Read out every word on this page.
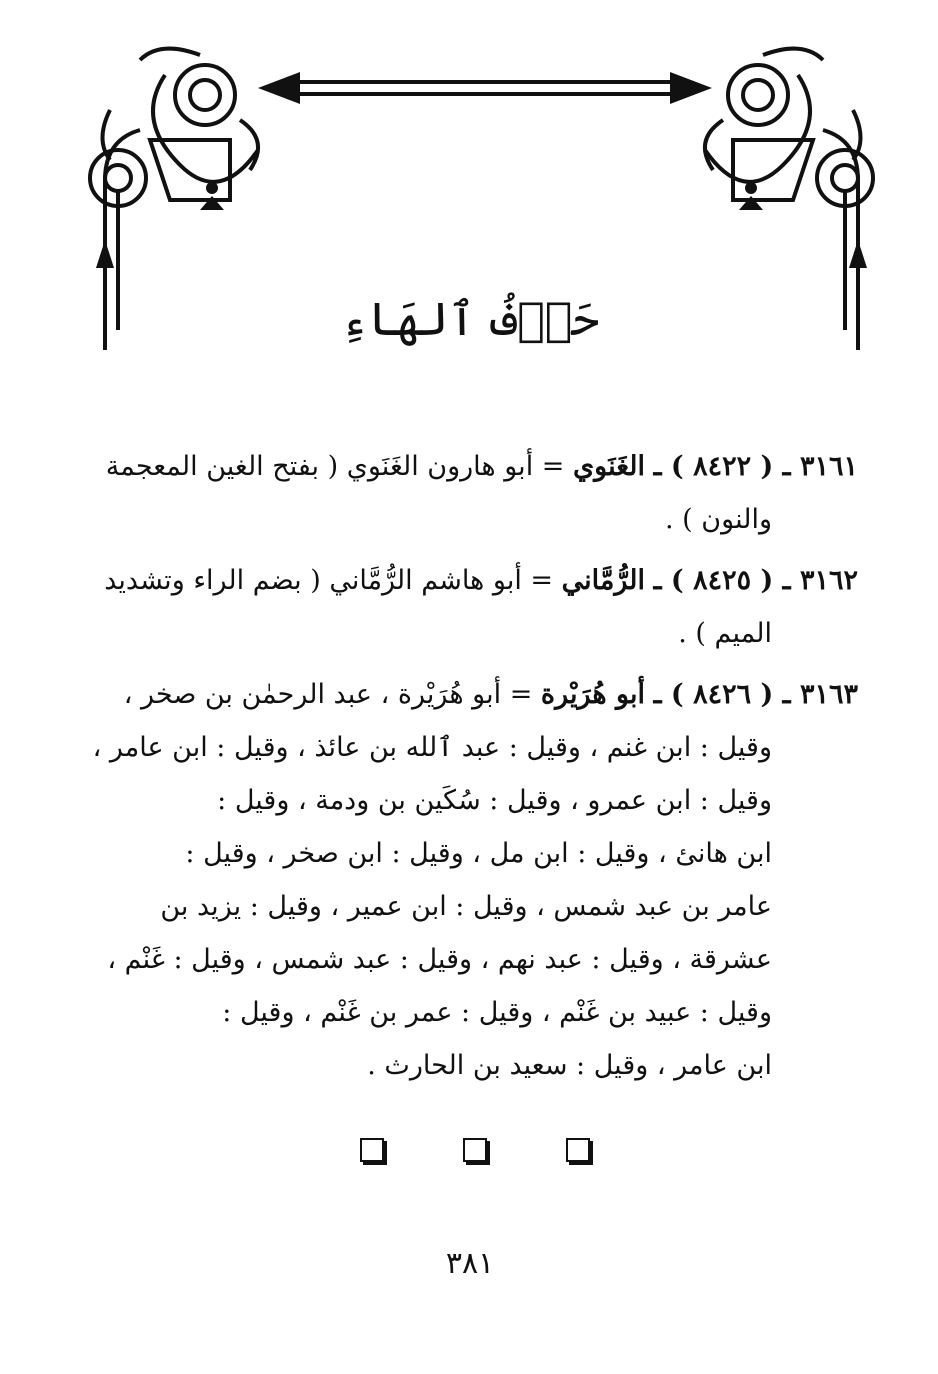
حَرۡفُ ٱلهَاءِ
٣١٦١ ـ ( ٨٤٢٢ ) ـ الغَنَوي = أبو هارون الغَنَوي ( بفتح الغين المعجمة
والنون ) .
٣١٦٢ ـ ( ٨٤٢٥ ) ـ الرُّمَّاني = أبو هاشم الرُّمَّاني ( بضم الراء وتشديد
الميم ) .
٣١٦٣ ـ ( ٨٤٢٦ ) ـ أبو هُرَيْرة = أبو هُرَيْرة ، عبد الرحمٰن بن صخر ،
وقيل : ابن غنم ، وقيل : عبد ٱلله بن عائذ ، وقيل : ابن عامر ،
وقيل : ابن عمرو ، وقيل : سُكَين بن ودمة ، وقيل :
ابن هانئ ، وقيل : ابن مل ، وقيل : ابن صخر ، وقيل :
عامر بن عبد شمس ، وقيل : ابن عمير ، وقيل : يزيد بن
عشرقة ، وقيل : عبد نهم ، وقيل : عبد شمس ، وقيل : غَنْم ،
وقيل : عبيد بن غَنْم ، وقيل : عمر بن غَنْم ، وقيل :
ابن عامر ، وقيل : سعيد بن الحارث .
٣٨١
